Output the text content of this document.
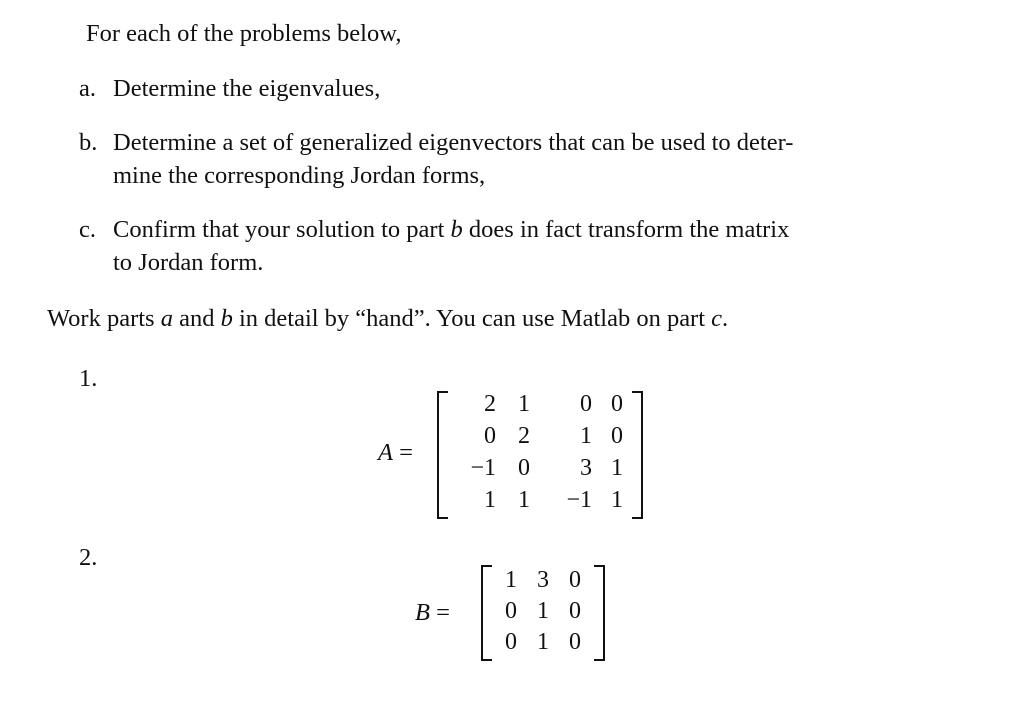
For each of the problems below,
a. Determine the eigenvalues,
b. Determine a set of generalized eigenvectors that can be used to deter-
mine the corresponding Jordan forms,
c. Confirm that your solution to part b does in fact transform the matrix
to Jordan form.
Work parts a and b in detail by “hand”. You can use Matlab on part c.
1.
A =
2.
B =
2 1	0 0
0 2	1 0
−1 0	3 1
1 1	−1 1
1 3 0
0 1 0
0 1 0
